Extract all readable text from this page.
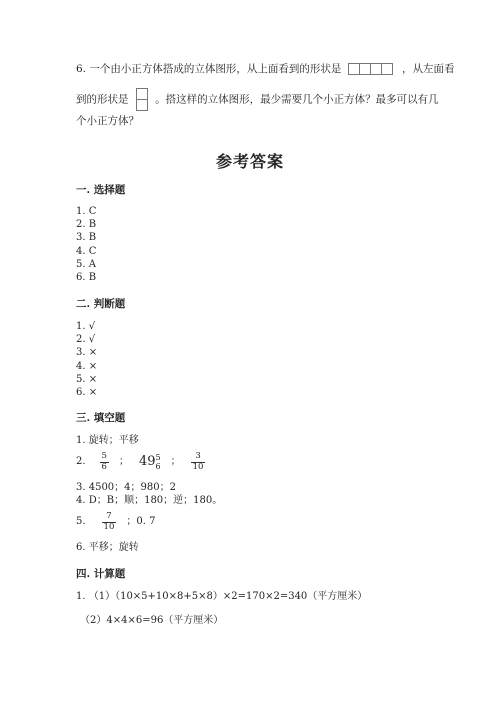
6. 一个由小正方体搭成的立体图形，从上面看到的形状是	，从左面看
到的形状是	。搭这样的立体图形，最少需要几个小正方体？最多可以有几
个小正方体？
参考答案
一. 选择题
1. C
2. B
3. B
4. C
5. A
6. B
二. 判断题
1. √
2. √
3. ×
4. ×
5. ×
6. ×
三. 填空题
1. 旋转；平移
2. $\frac{5}{6}$ ； 49 5
6 ； $\frac{3}{10}$
3. 4500；4；980；2
4. D；B；顺；180；逆；180。
5. $\frac{7}{10}$ ；0. 7
6. 平移；旋转
四. 计算题
1. （1）（10×5+10×8+5×8）×2=170×2=340（平方厘米）
（2）4×4×6=96（平方厘米）
